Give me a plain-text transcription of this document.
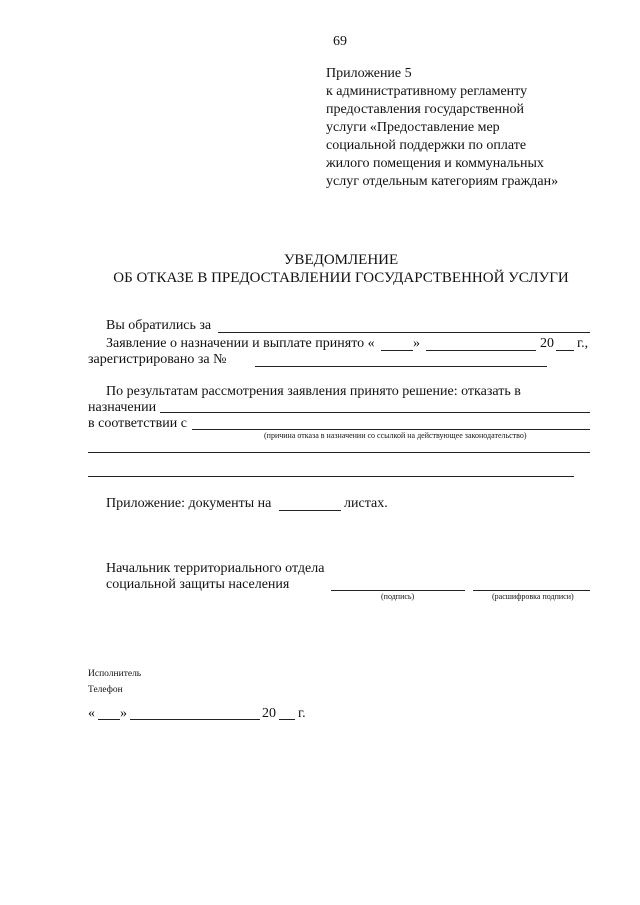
69
Приложение 5
к административному регламенту
предоставления государственной
услуги «Предоставление мер
социальной поддержки по оплате
жилого помещения и коммунальных
услуг отдельным категориям граждан»
УВЕДОМЛЕНИЕ
ОБ ОТКАЗЕ В ПРЕДОСТАВЛЕНИИ ГОСУДАРСТВЕННОЙ УСЛУГИ
Вы обратились за
Заявление о назначении и выплате принято «	»	20 г.,
зарегистрировано за №
По результатам рассмотрения заявления принято решение: отказать в
назначении
в соответствии с
(причина отказа в назначении со ссылкой на действующее законодательство)
Приложение: документы на	листах.
Начальник территориального отдела
социальной защиты населения
(подпись)	(расшифровка подписи)
Исполнитель
Телефон
« »	20 г.
